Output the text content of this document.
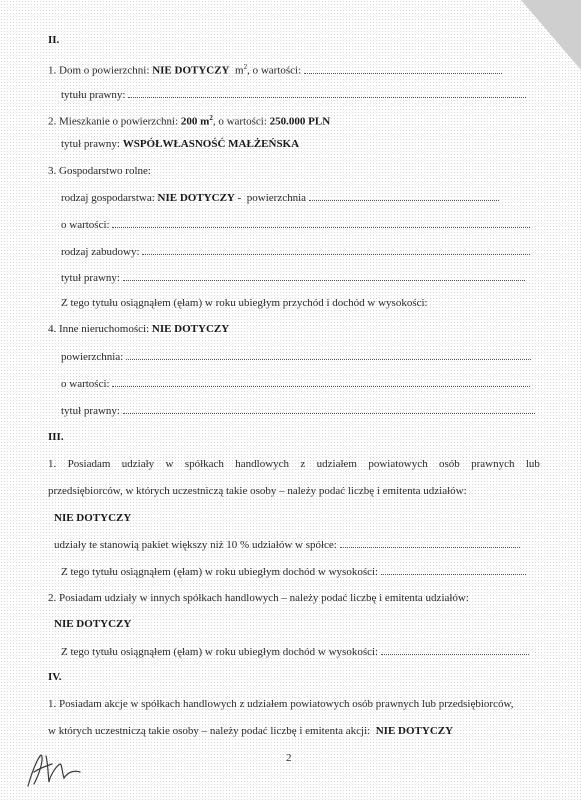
II.
1. Dom o powierzchni: NIE DOTYCZY $m^2$, o wartości:
tytułu prawny:
2. Mieszkanie o powierzchni: 200 $m^2$, o wartości: 250.000 PLN
tytuł prawny: WSPÓŁWŁASNOŚĆ MAŁŻEŃSKA
3. Gospodarstwo rolne:
rodzaj gospodarstwa: NIE DOTYCZY -  powierzchnia
o wartości:
rodzaj zabudowy:
tytuł prawny:
Z tego tytułu osiągnąłem (ęłam) w roku ubiegłym przychód i dochód w wysokości:
4. Inne nieruchomości: NIE DOTYCZY
powierzchnia:
o wartości:
tytuł prawny:
III.
1. Posiadam udziały w spółkach handlowych z udziałem powiatowych osób prawnych lub
przedsiębiorców, w których uczestniczą takie osoby – należy podać liczbę i emitenta udziałów:
NIE DOTYCZY
udziały te stanowią pakiet większy niż 10 % udziałów w spółce:
Z tego tytułu osiągnąłem (ęłam) w roku ubiegłym dochód w wysokości:
2. Posiadam udziały w innych spółkach handlowych – należy podać liczbę i emitenta udziałów:
NIE DOTYCZY
Z tego tytułu osiągnąłem (ęłam) w roku ubiegłym dochód w wysokości:
IV.
1. Posiadam akcje w spółkach handlowych z udziałem powiatowych osób prawnych lub przedsiębiorców,
w których uczestniczą takie osoby – należy podać liczbę i emitenta akcji: NIE DOTYCZY
2
